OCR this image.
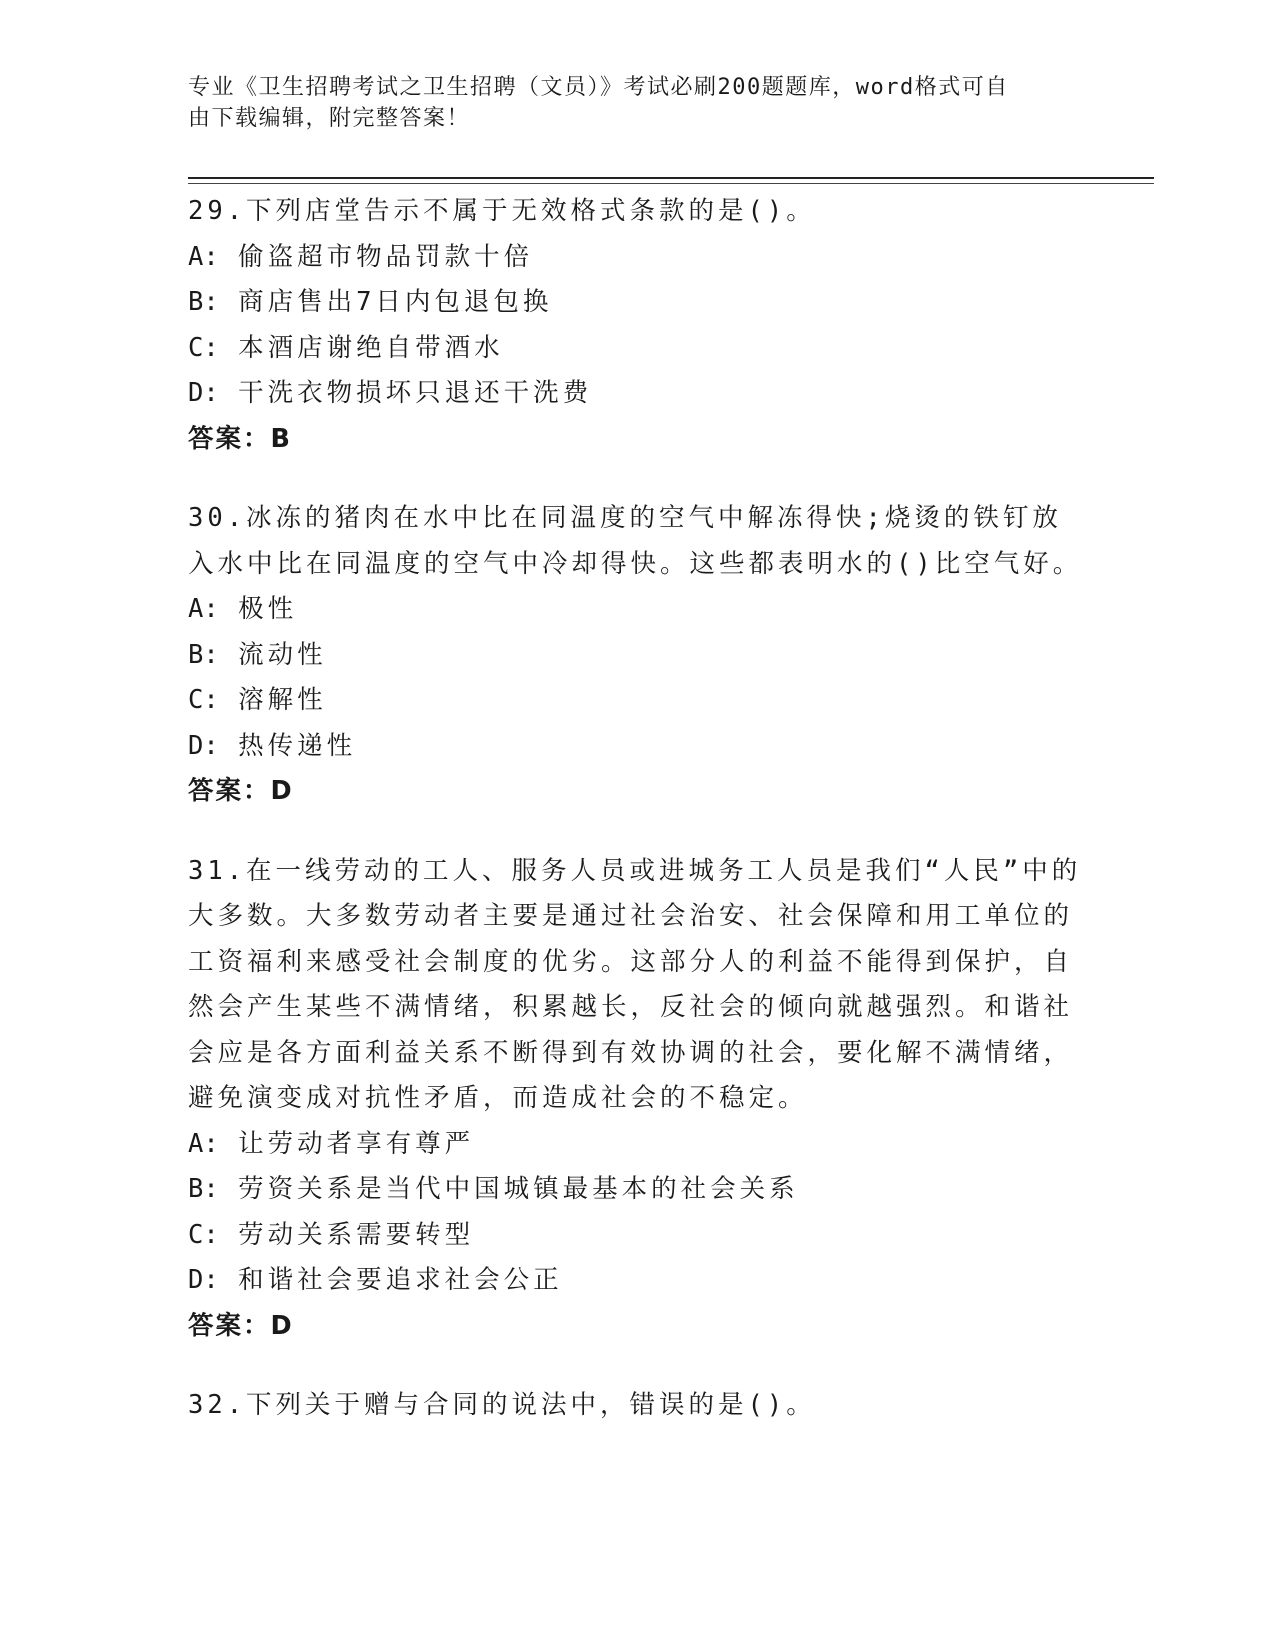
专业《卫生招聘考试之卫生招聘（文员）》考试必刷200题题库，word格式可自
由下载编辑，附完整答案！
29.下列店堂告示不属于无效格式条款的是()。
A: 偷盗超市物品罚款十倍
B: 商店售出7日内包退包换
C: 本酒店谢绝自带酒水
D: 干洗衣物损坏只退还干洗费
答案：B
30.冰冻的猪肉在水中比在同温度的空气中解冻得快;烧烫的铁钉放入水中比在同温度的空气中冷却得快。这些都表明水的()比空气好。
A: 极性
B: 流动性
C: 溶解性
D: 热传递性
答案：D
31.在一线劳动的工人、服务人员或进城务工人员是我们“人民”中的大多数。大多数劳动者主要是通过社会治安、社会保障和用工单位的工资福利来感受社会制度的优劣。这部分人的利益不能得到保护，自然会产生某些不满情绪，积累越长，反社会的倾向就越强烈。和谐社会应是各方面利益关系不断得到有效协调的社会，要化解不满情绪，避免演变成对抗性矛盾，而造成社会的不稳定。
A: 让劳动者享有尊严
B: 劳资关系是当代中国城镇最基本的社会关系
C: 劳动关系需要转型
D: 和谐社会要追求社会公正
答案：D
32.下列关于赠与合同的说法中，错误的是()。
